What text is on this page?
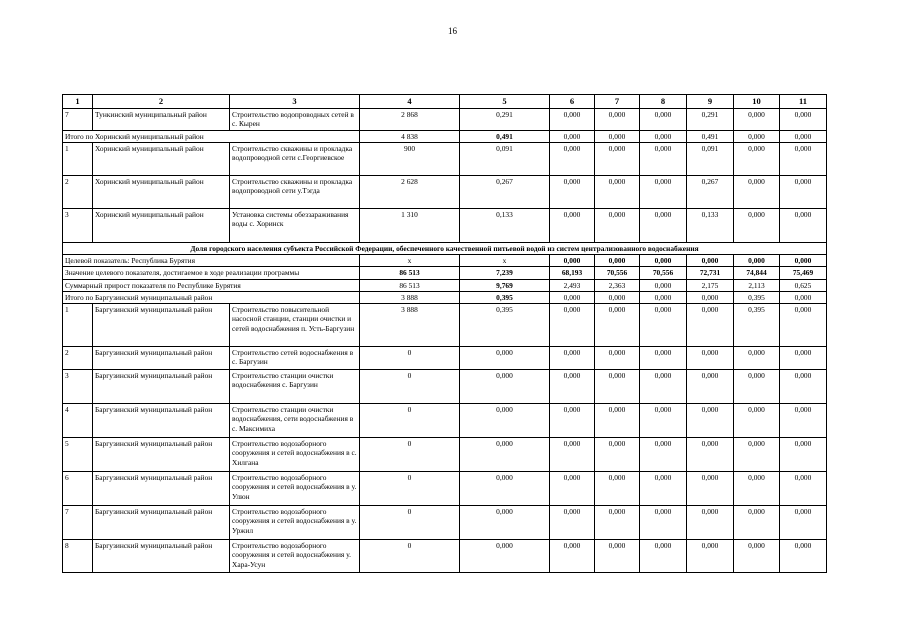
16
1	2	3	4	5	6	7	8	9	10	11
7	Тункинский муниципальный район	Строительство водопроводных сетей в с. Кырен	2 868	0,291	0,000	0,000	0,000	0,291	0,000	0,000
Итого по Хоринский муниципальный район			4 838	0,491	0,000	0,000	0,000	0,491	0,000	0,000
1	Хоринский муниципальный район	Строительство скважины и прокладка водопроводной сети с.Георгиевское	900	0,091	0,000	0,000	0,000	0,091	0,000	0,000
2	Хоринский муниципальный район	Строительство скважины и прокладка водопроводной сети у.Тэгда	2 628	0,267	0,000	0,000	0,000	0,267	0,000	0,000
3	Хоринский муниципальный район	Установка системы обеззараживания воды с. Хоринск	1 310	0,133	0,000	0,000	0,000	0,133	0,000	0,000
Доля городского населения субъекта Российской Федерации, обеспеченного качественной питьевой водой из систем централизованного водоснабжения										
Целевой показатель: Республика Бурятия			x	x	0,000	0,000	0,000	0,000	0,000	0,000
Значение целевого показателя, достигаемое в ходе реализации программы			86 513	7,239	68,193	70,556	70,556	72,731	74,844	75,469
Суммарный прирост показателя по Республике Бурятия			86 513	9,769	2,493	2,363	0,000	2,175	2,113	0,625
Итого по Баргузинский муниципальный район			3 888	0,395	0,000	0,000	0,000	0,000	0,395	0,000
1	Баргузинский муниципальный район	Строительство повысительной насосной станции, станции очистки и сетей водоснабжения п. Усть-Баргузин	3 888	0,395	0,000	0,000	0,000	0,000	0,395	0,000
2	Баргузинский муниципальный район	Строительство сетей водоснабжения в с. Баргузин	0	0,000	0,000	0,000	0,000	0,000	0,000	0,000
3	Баргузинский муниципальный район	Строительство станции очистки водоснабжения с. Баргузин	0	0,000	0,000	0,000	0,000	0,000	0,000	0,000
4	Баргузинский муниципальный район	Строительство станции очистки водоснабжения, сети водоснабжения в с. Максимиха	0	0,000	0,000	0,000	0,000	0,000	0,000	0,000
5	Баргузинский муниципальный район	Строительство водозаборного сооружения и сетей водоснабжения в с. Хилгана	0	0,000	0,000	0,000	0,000	0,000	0,000	0,000
6	Баргузинский муниципальный район	Строительство водозаборного сооружения и сетей водоснабжения в у. Улюн	0	0,000	0,000	0,000	0,000	0,000	0,000	0,000
7	Баргузинский муниципальный район	Строительство водозаборного сооружения и сетей водоснабжения в у. Уржил	0	0,000	0,000	0,000	0,000	0,000	0,000	0,000
8	Баргузинский муниципальный район	Строительство водозаборного сооружения и сетей водоснабжения у. Хара-Усун	0	0,000	0,000	0,000	0,000	0,000	0,000	0,000
